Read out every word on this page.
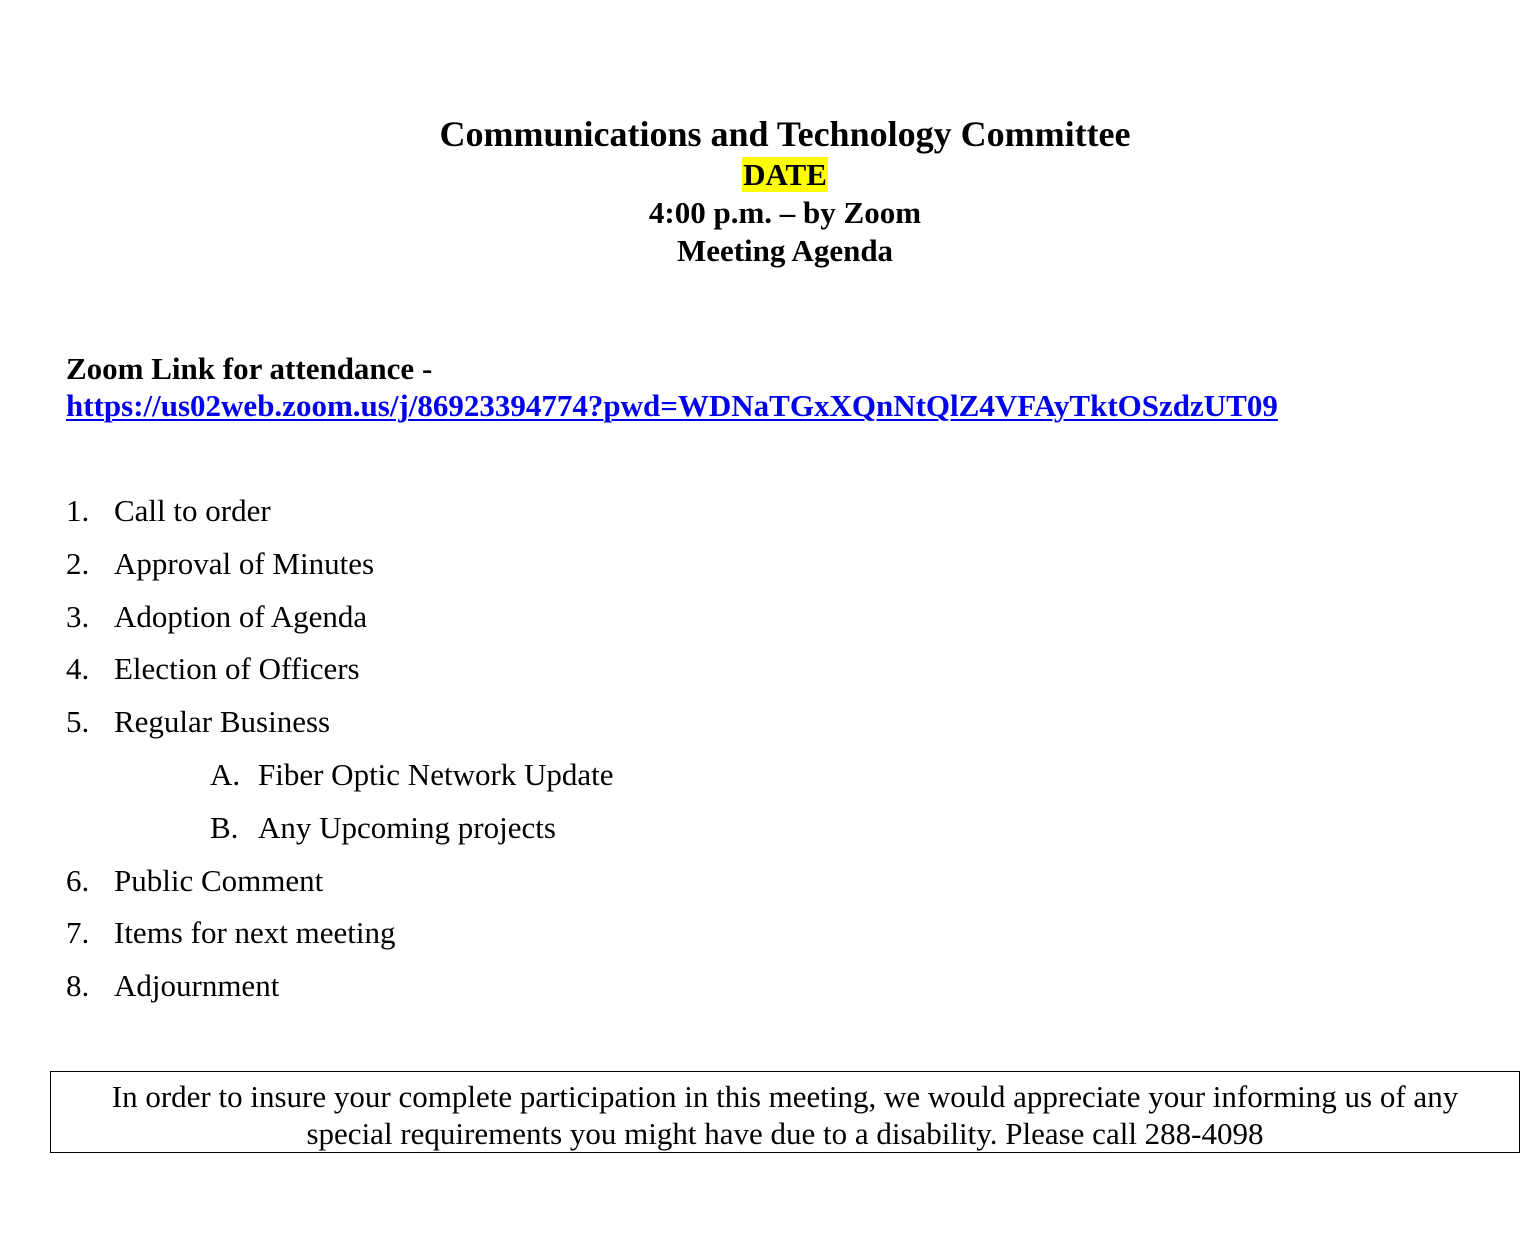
Communications and Technology Committee
DATE
4:00 p.m. – by Zoom
Meeting Agenda
Zoom Link for attendance -
https://us02web.zoom.us/j/86923394774?pwd=WDNaTGxXQnNtQlZ4VFAyTktOSzdzUT09
1. Call to order
2. Approval of Minutes
3. Adoption of Agenda
4. Election of Officers
5. Regular Business
A. Fiber Optic Network Update
B. Any Upcoming projects
6. Public Comment
7. Items for next meeting
8. Adjournment
In order to insure your complete participation in this meeting, we would appreciate your informing us of any
special requirements you might have due to a disability. Please call 288-4098
